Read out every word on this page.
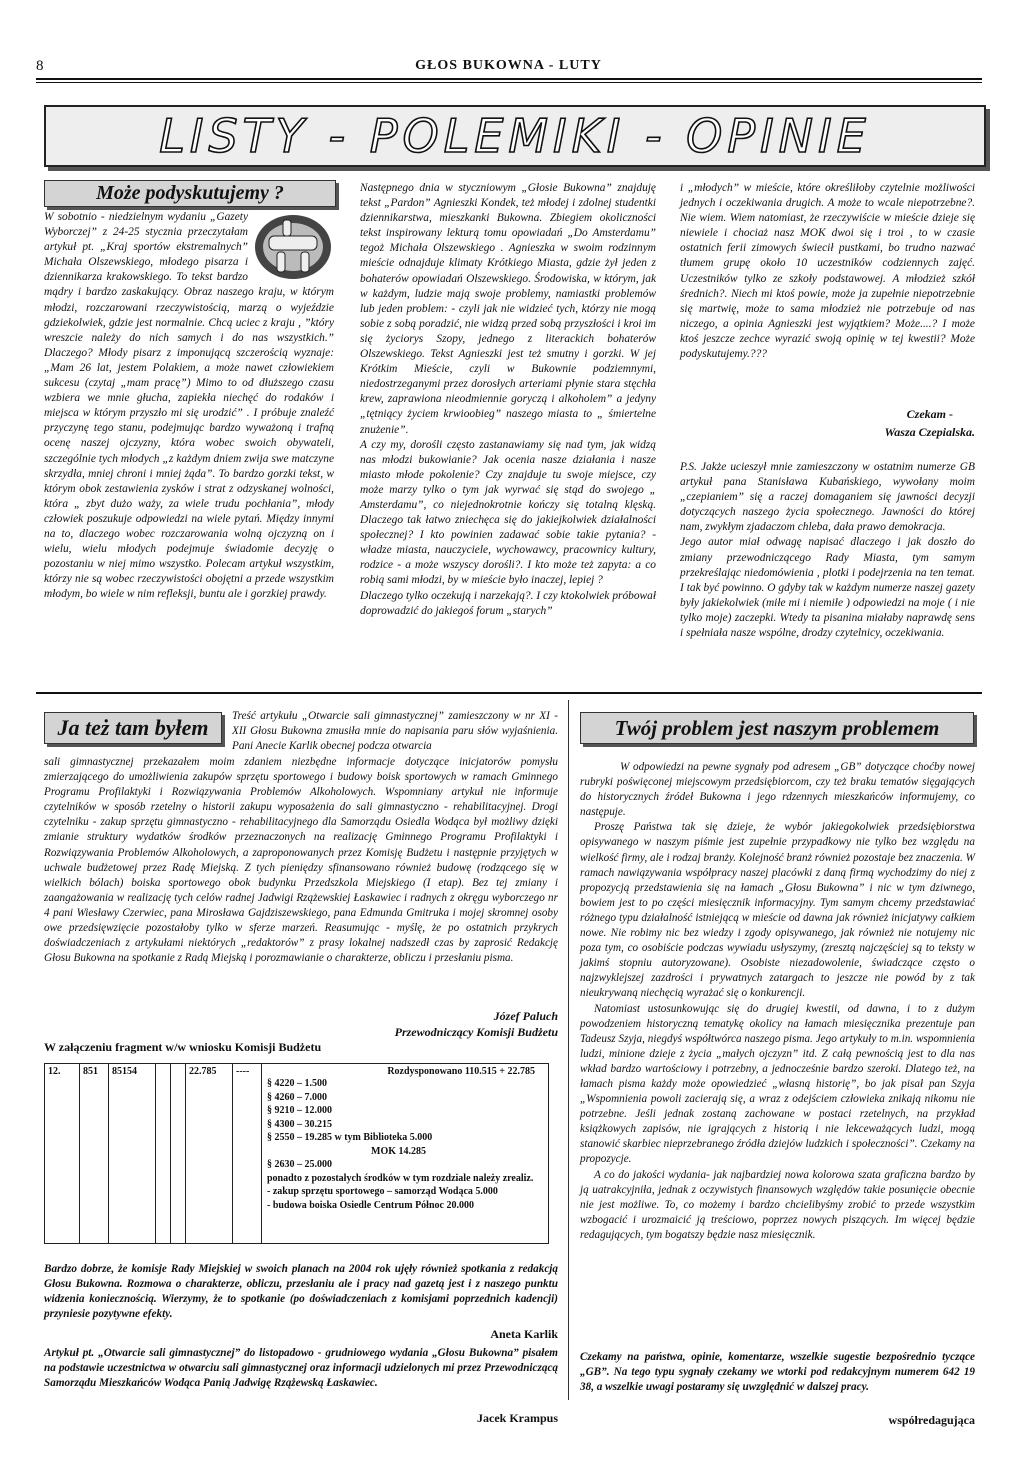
8	GŁOS BUKOWNA - LUTY
LISTY - POLEMIKI - OPINIE
Może podyskutujemy ?

W sobotnio - niedzielnym wydaniu „Gazety Wyborczej” z 24-25 stycznia przeczytałam artykuł pt. „Kraj sportów ekstremalnych” Michała Olszewskiego, młodego pisarza i dziennikarza krakowskiego. To tekst bardzo mądry i bardzo zaskakujący. Obraz naszego kraju, w którym młodzi, rozczarowani rzeczywistością, marzą o wyjeździe gdziekolwiek, gdzie jest normalnie. Chcą uciec z kraju , ”który wreszcie należy do nich samych i do nas wszystkich.” Dlaczego? Młody pisarz z imponującą szczerością wyznaje: „Mam 26 lat, jestem Polakiem, a może nawet człowiekiem sukcesu (czytaj „mam pracę”) Mimo to od dłuższego czasu wzbiera we mnie głucha, zapiekła niechęć do rodaków i miejsca w którym przyszło mi się urodzić” . I próbuje znaleźć przyczynę tego stanu, podejmując bardzo wyważoną i trafną ocenę naszej ojczyzny, która wobec swoich obywateli, szczególnie tych młodych „z każdym dniem zwija swe matczyne skrzydła, mniej chroni i mniej żąda”. To bardzo gorzki tekst, w którym obok zestawienia zysków i strat z odzyskanej wolności, która „ zbyt dużo waży, za wiele trudu pochłania”, młody człowiek poszukuje odpowiedzi na wiele pytań. Między innymi na to, dlaczego wobec rozczarowania wolną ojczyzną on i wielu, wielu młodych podejmuje świadomie decyzję o pozostaniu w niej mimo wszystko. Polecam artykuł wszystkim, którzy nie są wobec rzeczywistości obojętni a przede wszystkim młodym, bo wiele w nim refleksji, buntu ale i gorzkiej prawdy.

Następnego dnia w styczniowym „Głosie Bukowna” znajduję tekst „Pardon” Agnieszki Kondek, też młodej i zdolnej studentki dziennikarstwa, mieszkanki Bukowna. Zbiegiem okoliczności tekst inspirowany lekturą tomu opowiadań „Do Amsterdamu” tegoż Michała Olszewskiego . Agnieszka w swoim rodzinnym mieście odnajduje klimaty Krótkiego Miasta, gdzie żył jeden z bohaterów opowiadań Olszewskiego. Środowiska, w którym, jak w każdym, ludzie mają swoje problemy, namiastki problemów lub jeden problem: - czyli jak nie widzieć tych, którzy nie mogą sobie z sobą poradzić, nie widzą przed sobą przyszłości i kroi im się życiorys Szopy, jednego z literackich bohaterów Olszewskiego. Tekst Agnieszki jest też smutny i gorzki. W jej Krótkim Mieście, czyli w Bukownie podziemnymi, niedostrzeganymi przez dorosłych arteriami płynie stara stęchła krew, zaprawiona nieodmiennie goryczą i alkoholem” a jedyny „tętniący życiem krwioobieg” naszego miasta to „ śmiertelne znużenie”.

A czy my, dorośli często zastanawiamy się nad tym, jak widzą nas młodzi bukowianie? Jak ocenia nasze działania i nasze miasto młode pokolenie? Czy znajduje tu swoje miejsce, czy może marzy tylko o tym jak wyrwać się stąd do swojego „ Amsterdamu”, co niejednokrotnie kończy się totalną klęską. Dlaczego tak łatwo zniechęca się do jakiejkolwiek działalności społecznej? I kto powinien zadawać sobie takie pytania? - władze miasta, nauczyciele, wychowawcy, pracownicy kultury, rodzice - a może wszyscy dorośli?. I kto może też zapyta: a co robią sami młodzi, by w mieście było inaczej, lepiej ?

Dlaczego tylko oczekują i narzekają?. I czy ktokolwiek próbował doprowadzić do jakiegoś forum „starych”

i „młodych” w mieście, które określiłoby czytelnie możliwości jednych i oczekiwania drugich. A może to wcale niepotrzebne?. Nie wiem. Wiem natomiast, że rzeczywiście w mieście dzieje się niewiele i chociaż nasz MOK dwoi się i troi , to w czasie ostatnich ferii zimowych świecił pustkami, bo trudno nazwać tłumem grupę około 10 uczestników codziennych zajęć. Uczestników tylko ze szkoły podstawowej. A młodzież szkół średnich?. Niech mi ktoś powie, może ja zupełnie niepotrzebnie się martwię, może to sama młodzież nie potrzebuje od nas niczego, a opinia Agnieszki jest wyjątkiem? Może....? I może ktoś jeszcze zechce wyrazić swoją opinię w tej kwestii? Może podyskutujemy.???

Czekam -
Wasza Czepialska.

P.S. Jakże ucieszył mnie zamieszczony w ostatnim numerze GB artykuł pana Stanisława Kubańskiego, wywołany moim „czepianiem” się a raczej domaganiem się jawności decyzji dotyczących naszego życia społecznego. Jawności do której nam, zwykłym zjadaczom chleba, dała prawo demokracja.

Jego autor miał odwagę napisać dlaczego i jak doszło do zmiany przewodniczącego Rady Miasta, tym samym przekreślając niedomówienia , plotki i podejrzenia na ten temat. I tak być powinno. O gdyby tak w każdym numerze naszej gazety były jakiekolwiek (miłe mi i niemiłe ) odpowiedzi na moje ( i nie tylko moje) zaczepki. Wtedy ta pisanina miałaby naprawdę sens i spełniała nasze wspólne, drodzy czytelnicy, oczekiwania.

Ja też tam byłem	Treść artykułu „Otwarcie sali gimnastycznej” zamieszczony w nr XI - XII Głosu Bukowna zmusiła mnie do napisania paru słów wyjaśnienia. Pani Anecie Karlik obecnej podcza otwarcia
sali gimnastycznej przekazałem moim zdaniem niezbędne informacje dotyczące inicjatorów pomysłu zmierzającego do umożliwienia zakupów sprzętu sportowego i budowy boisk sportowych w ramach Gminnego Programu Profilaktyki i Rozwiązywania Problemów Alkoholowych. Wspomniany artykuł nie informuje czytelników w sposób rzetelny o historii zakupu wyposażenia do sali gimnastyczno - rehabilitacyjnej. Drogi czytelniku - zakup sprzętu gimnastyczno - rehabilitacyjnego dla Samorządu Osiedla Wodąca był możliwy dzięki zmianie struktury wydatków środków przeznaczonych na realizację Gminnego Programu Profilaktyki i Rozwiązywania Problemów Alkoholowych, a zaproponowanych przez Komisję Budżetu i następnie przyjętych w uchwale budżetowej przez Radę Miejską. Z tych pieniędzy sfinansowano również budowę (rodzącego się w wielkich bólach) boiska sportowego obok budynku Przedszkola Miejskiego (I etap). Bez tej zmiany i zaangażowania w realizację tych celów radnej Jadwigi Rzążewskiej Łaskawiec i radnych z okręgu wyborczego nr 4 pani Wiesławy Czerwiec, pana Mirosława Gajdziszewskiego, pana Edmunda Gmitruka i mojej skromnej osoby owe przedsięwzięcie pozostałoby tylko w sferze marzeń. Reasumując - myślę, że po ostatnich przykrych doświadczeniach z artykułami niektórych „redaktorów” z prasy lokalnej nadszedł czas by zaprosić Redakcję Głosu Bukowna na spotkanie z Radą Miejską i porozmawianie o charakterze, obliczu i przesłaniu pisma.
Józef Paluch
Przewodniczący Komisji Budżetu
W załączeniu fragment w/w wniosku Komisji Budżetu
12.	851	85154			22.785	----	Rozdysponowano 110.515 + 22.785
§ 4220 – 1.500
§ 4260 – 7.000
§ 9210 – 12.000
§ 4300 – 30.215
§ 2550 – 19.285 w tym Biblioteka 5.000
MOK 14.285
§ 2630 – 25.000
ponadto z pozostałych środków w tym rozdziale należy zrealiz.
- zakup sprzętu sportowego – samorząd Wodąca 5.000
- budowa boiska Osiedle Centrum Północ 20.000
Bardzo dobrze, że komisje Rady Miejskiej w swoich planach na 2004 rok ujęły również spotkania z redakcją Głosu Bukowna. Rozmowa o charakterze, obliczu, przesłaniu ale i pracy nad gazetą jest i z naszego punktu widzenia koniecznością. Wierzymy, że to spotkanie (po doświadczeniach z komisjami poprzednich kadencji) przyniesie pozytywne efekty.
Aneta Karlik
Artykuł pt. „Otwarcie sali gimnastycznej” do listopadowo - grudniowego wydania „Głosu Bukowna” pisałem na podstawie uczestnictwa w otwarciu sali gimnastycznej oraz informacji udzielonych mi przez Przewodniczącą Samorządu Mieszkańców Wodąca Panią Jadwigę Rzążewską Łaskawiec.
Jacek Krampus
Twój problem jest naszym problemem

W odpowiedzi na pewne sygnały pod adresem „GB” dotyczące choćby nowej rubryki poświęconej miejscowym przedsiębiorcom, czy też braku tematów sięgających do historycznych źródeł Bukowna i jego rdzennych mieszkańców informujemy, co następuje.

Proszę Państwa tak się dzieje, że wybór jakiegokolwiek przedsiębiorstwa opisywanego w naszym piśmie jest zupełnie przypadkowy nie tylko bez względu na wielkość firmy, ale i rodzaj branży. Kolejność branż również pozostaje bez znaczenia. W ramach nawiązywania współpracy naszej placówki z daną firmą wychodzimy do niej z propozycją przedstawienia się na łamach „Głosu Bukowna” i nic w tym dziwnego, bowiem jest to po części miesięcznik informacyjny. Tym samym chcemy przedstawiać różnego typu działalność istniejącą w mieście od dawna jak również inicjatywy całkiem nowe. Nie robimy nic bez wiedzy i zgody opisywanego, jak również nie notujemy nic poza tym, co osobiście podczas wywiadu usłyszymy, (zresztą najczęściej są to teksty w jakimś stopniu autoryzowane). Osobiste niezadowolenie, świadczące często o najzwyklejszej zazdrości i prywatnych zatargach to jeszcze nie powód by z tak nieukrywaną niechęcią wyrażać się o konkurencji.

Natomiast ustosunkowując się do drugiej kwestii, od dawna, i to z dużym powodzeniem historyczną tematykę okolicy na łamach miesięcznika prezentuje pan Tadeusz Szyja, niegdyś współtwórca naszego pisma. Jego artykuły to m.in. wspomnienia ludzi, minione dzieje z życia „małych ojczyzn” itd. Z całą pewnością jest to dla nas wkład bardzo wartościowy i potrzebny, a jednocześnie bardzo szeroki. Dlatego też, na łamach pisma każdy może opowiedzieć „własną historię”, bo jak pisał pan Szyja „Wspomnienia powoli zacierają się, a wraz z odejściem człowieka znikają nikomu nie potrzebne. Jeśli jednak zostaną zachowane w postaci rzetelnych, na przykład książkowych zapisów, nie igrających z historią i nie lekceważących ludzi, mogą stanowić skarbiec nieprzebranego źródła dziejów ludzkich i społeczności”. Czekamy na propozycje.

A co do jakości wydania- jak najbardziej nowa kolorowa szata graficzna bardzo by ją uatrakcyjniła, jednak z oczywistych finansowych względów takie posunięcie obecnie nie jest możliwe. To, co możemy i bardzo chcielibyśmy zrobić to przede wszystkim wzbogacić i urozmaicić ją treściowo, poprzez nowych piszących. Im więcej będzie redagujących, tym bogatszy będzie nasz miesięcznik.

Czekamy na państwa, opinie, komentarze, wszelkie sugestie bezpośrednio tyczące „GB”. Na tego typu sygnały czekamy we wtorki pod redakcyjnym numerem 642 19 38, a wszelkie uwagi postaramy się uwzględnić w dalszej pracy.
współredagująca
